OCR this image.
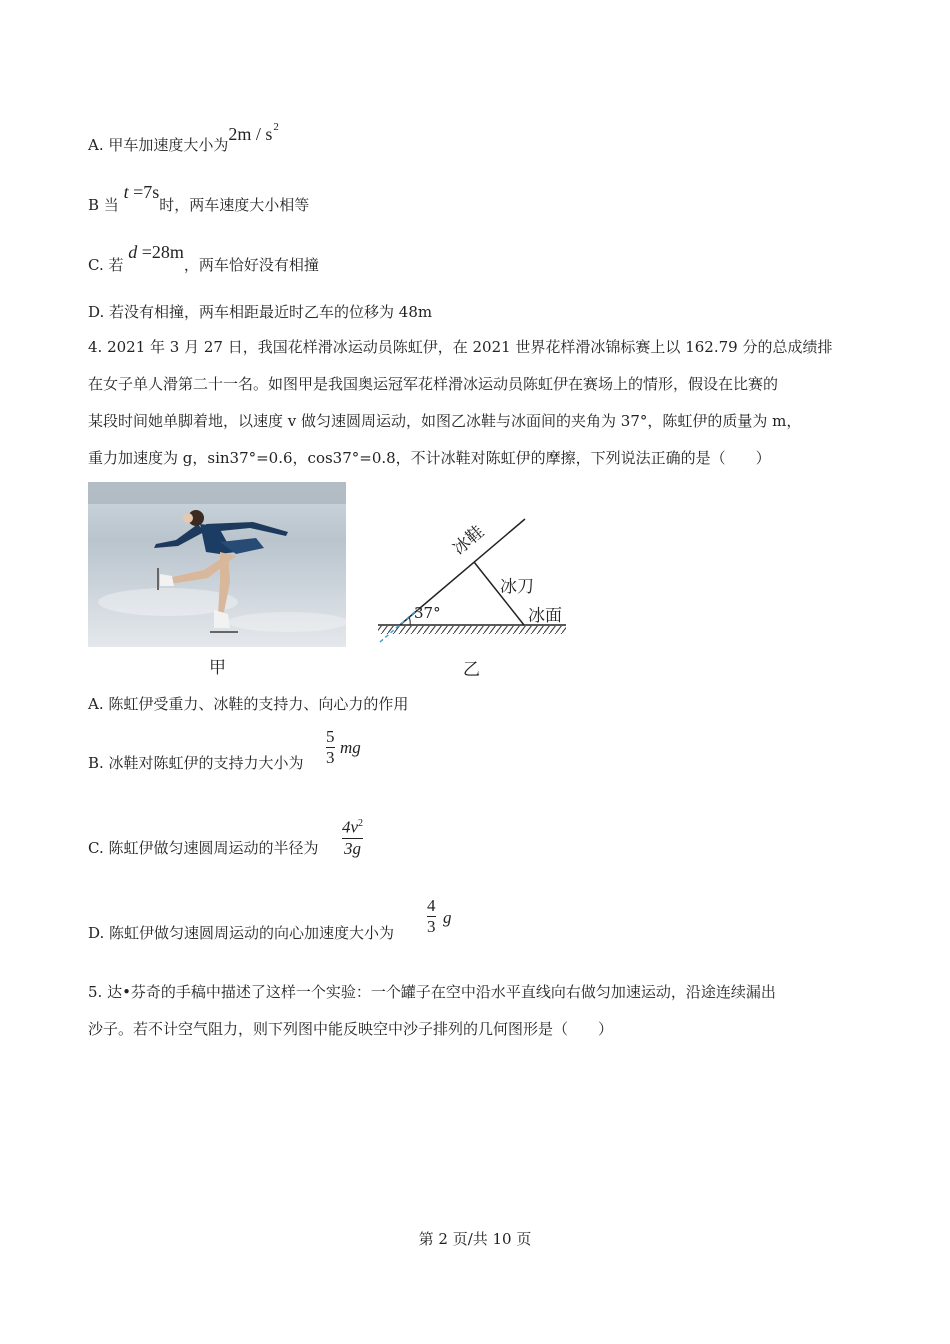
A. 甲车加速度大小为$2m / s^2$
B 当 t =7s时，两车速度大小相等
C. 若 d =28m，两车恰好没有相撞
D. 若没有相撞，两车相距最近时乙车的位移为 48m
4. 2021 年 3 月 27 日，我国花样滑冰运动员陈虹伊，在 2021 世界花样滑冰锦标赛上以 162.79 分的总成绩排
在女子单人滑第二十一名。如图甲是我国奥运冠军花样滑冰运动员陈虹伊在赛场上的情形，假设在比赛的
某段时间她单脚着地，以速度 v 做匀速圆周运动，如图乙冰鞋与冰面间的夹角为 37°，陈虹伊的质量为 m，
重力加速度为 g，sin37°=0.6，cos37°=0.8，不计冰鞋对陈虹伊的摩擦，下列说法正确的是（　　）
甲
冰鞋
冰刀
冰面
37°
乙
A. 陈虹伊受重力、冰鞋的支持力、向心力的作用
B. 冰鞋对陈虹伊的支持力大小为
5
3
mg
C. 陈虹伊做匀速圆周运动的半径为
$4v^2$
3g
D. 陈虹伊做匀速圆周运动的向心加速度大小为
4
3 g
5. 达•芬奇的手稿中描述了这样一个实验：一个罐子在空中沿水平直线向右做匀加速运动，沿途连续漏出
沙子。若不计空气阻力，则下列图中能反映空中沙子排列的几何图形是（　　）
第 2 页/共 10 页
